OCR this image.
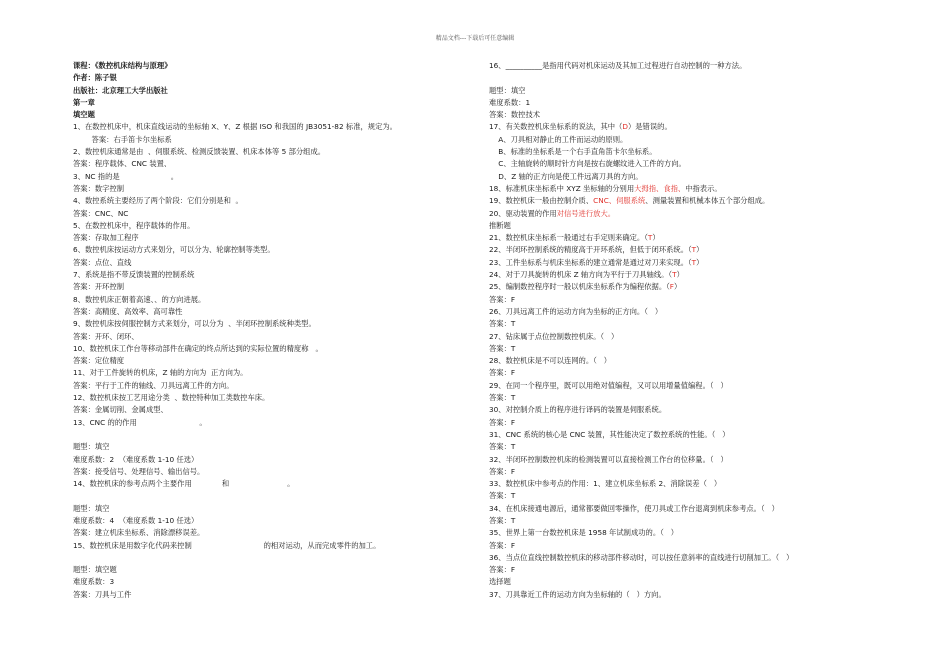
精品文档---下载后可任意编辑
课程：《数控机床结构与原理》
作者：陈子银
出版社：北京理工大学出版社
第一章
填空题
1、在数控机床中，机床直线运动的坐标轴 X、Y、Z 根据 ISO 和我国的 JB3051-82 标准，规定为。
答案：右手笛卡尔坐标系
2、数控机床通常是由  、伺服系统、检测反馈装置、机床本体等 5 部分组成。
答案：程序载体、CNC 装置、
3、NC 指的是                      。
答案：数字控制
4、数控系统主要经历了两个阶段：它们分别是和  。
答案：CNC、NC
5、在数控机床中，程序载体的作用。
答案：存取加工程序
6、数控机床按运动方式来划分，可以分为、轮廓控制等类型。
答案：点位、直线
7、系统是指不带反馈装置的控制系统
答案：开环控制
8、数控机床正朝着高速、、的方向进展。
答案：高精度、高效率、高可靠性
9、数控机床按伺服控制方式来划分，可以分为  、半闭环控制系统种类型。
答案：开环、闭环、
10、数控机床工作台等移动部件在确定的终点所达到的实际位置的精度称   。
答案：定位精度
11、对于工件旋转的机床，Z 轴的方向为  正方向为。
答案：平行于工件的轴线、刀具远离工件的方向。
12、数控机床按工艺用途分类  、数控特种加工类数控车床。
答案：金属切削、金属成型、
13、CNC 的的作用                           。
题型：填空
难度系数：2  （难度系数 1-10 任选）
答案：接受信号、处理信号、输出信号。
14、数控机床的参考点两个主要作用             和                         。
题型：填空
难度系数：4  （难度系数 1-10 任选）
答案：建立机床坐标系、消除漂移误差。
15、数控机床是用数字化代码来控制                               的相对运动，从而完成零件的加工。
题型：填空题
难度系数：3
答案：刀具与工件
16、__________是指用代码对机床运动及其加工过程进行自动控制的一种方法。
题型：填空
难度系数：1
答案：数控技术
17、有关数控机床坐标系的说法，其中（D）是错误的。
A、刀具相对静止的工件而运动的原则。
B、标准的坐标系是一个右手直角笛卡尔坐标系。
C、主轴旋转的顺时针方向是按右旋螺纹进入工件的方向。
D、Z 轴的正方向是使工件远离刀具的方向。
18、标准机床坐标系中 XYZ 坐标轴的分别用大拇指、食指、中指表示。
19、数控机床一般由控制介质、CNC、伺服系统、测量装置和机械本体五个部分组成。
20、驱动装置的作用对信号进行放大。
推断题
21、数控机床坐标系一般通过右手定则来确定。（T）
22、半闭环控制系统的精度高于开环系统，但低于闭环系统。（T）
23、工件坐标系与机床坐标系的建立通常是通过对刀来实现。（T）
24、对于刀具旋转的机床 Z 轴方向为平行于刀具轴线。（T）
25、编制数控程序时一般以机床坐标系作为编程依据。（F）
答案：F
26、刀具远离工件的运动方向为坐标的正方向。（   ）
答案：T
27、钻床属于点位控制数控机床。（   ）
答案：T
28、数控机床是不可以连网的。（   ）
答案：F
29、在同一个程序里，既可以用绝对值编程，又可以用增量值编程。（   ）
答案：T
30、对控制介质上的程序进行译码的装置是伺服系统。
答案：F
31、CNC 系统的核心是 CNC 装置，其性能决定了数控系统的性能。（   ）
答案：T
32、半闭环控制数控机床的检测装置可以直接检测工作台的位移量。（   ）
答案：F
33、数控机床中参考点的作用：1、建立机床坐标系 2、消除误差（   ）
答案：T
34、在机床接通电源后，通常都要做回零操作，使刀具或工作台退离到机床参考点。（   ）
答案：T
35、世界上第一台数控机床是 1958 年试制成功的。（   ）
答案：F
36、当点位直线控制数控机床的移动部件移动时，可以按任意斜率的直线进行切削加工。（   ）
答案：F
选择题
37、刀具靠近工件的运动方向为坐标轴的（   ）方向。
